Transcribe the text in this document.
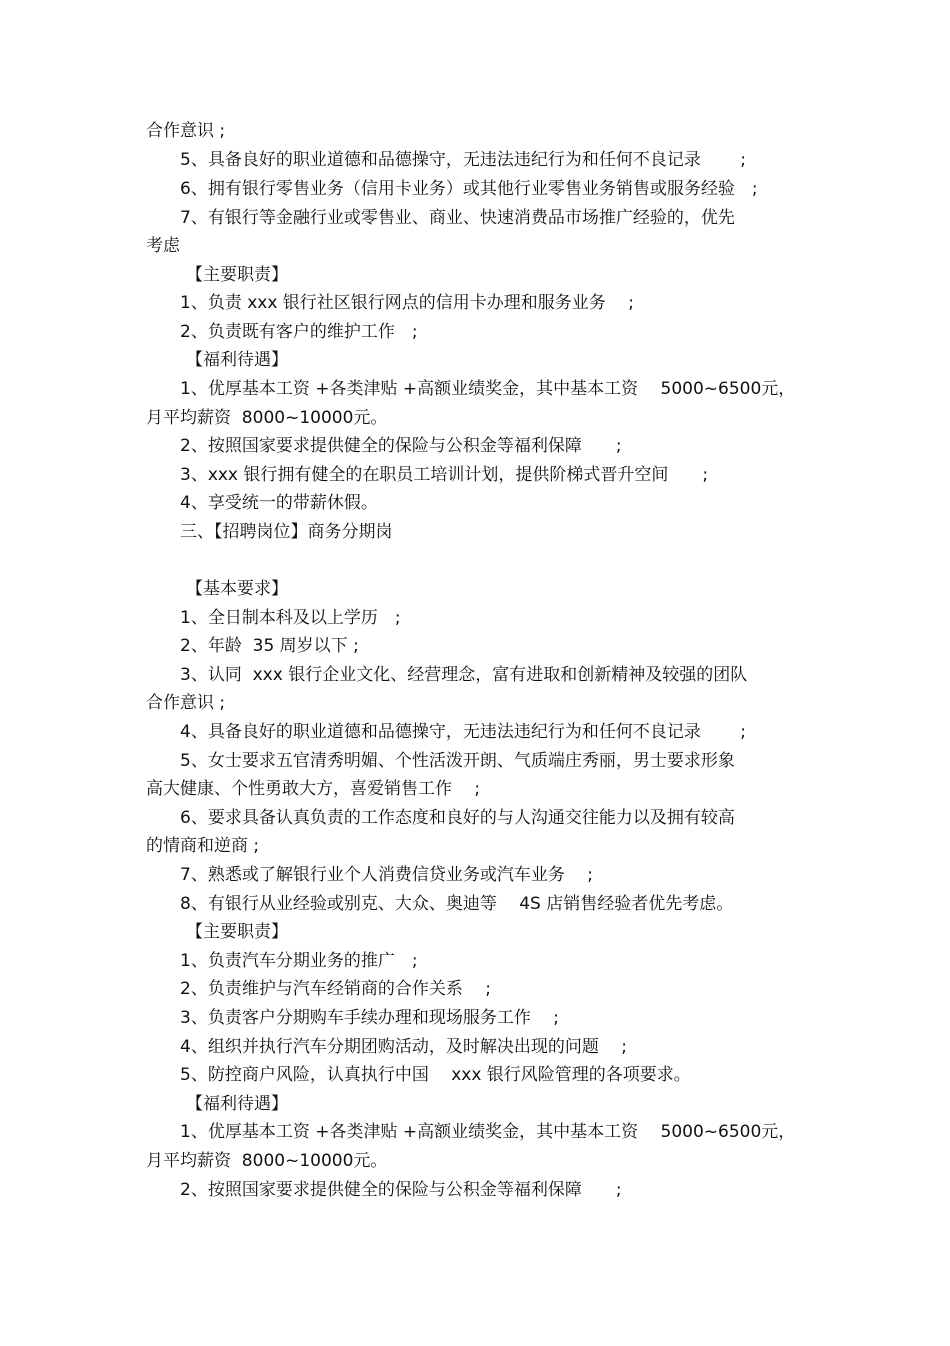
合作意识 ;
5、具备良好的职业道德和品德操守，无违法违纪行为和任何不良记录　　 ;
6、拥有银行零售业务（信用卡业务）或其他行业零售业务销售或服务经验　;
7、有银行等金融行业或零售业、商业、快速消费品市场推广经验的，优先
考虑
【主要职责】
1、负责 xxx 银行社区银行网点的信用卡办理和服务业务　 ;
2、负责既有客户的维护工作　;
【福利待遇】
1、优厚基本工资 +各类津贴 +高额业绩奖金，其中基本工资　 5000~6500元，
月平均薪资  8000~10000元。
2、按照国家要求提供健全的保险与公积金等福利保障　　;
3、xxx 银行拥有健全的在职员工培训计划，提供阶梯式晋升空间　　;
4、享受统一的带薪休假。
三、【招聘岗位】商务分期岗
【基本要求】
1、全日制本科及以上学历　;
2、年龄  35 周岁以下 ;
3、认同  xxx 银行企业文化、经营理念，富有进取和创新精神及较强的团队
合作意识 ;
4、具备良好的职业道德和品德操守，无违法违纪行为和任何不良记录　　 ;
5、女士要求五官清秀明媚、个性活泼开朗、气质端庄秀丽，男士要求形象
高大健康、个性勇敢大方，喜爱销售工作　 ;
6、要求具备认真负责的工作态度和良好的与人沟通交往能力以及拥有较高
的情商和逆商 ;
7、熟悉或了解银行业个人消费信贷业务或汽车业务　 ;
8、有银行从业经验或别克、大众、奥迪等　 4S 店销售经验者优先考虑。
【主要职责】
1、负责汽车分期业务的推广　;
2、负责维护与汽车经销商的合作关系　 ;
3、负责客户分期购车手续办理和现场服务工作　 ;
4、组织并执行汽车分期团购活动，及时解决出现的问题　 ;
5、防控商户风险，认真执行中国　 xxx 银行风险管理的各项要求。
【福利待遇】
1、优厚基本工资 +各类津贴 +高额业绩奖金，其中基本工资　 5000~6500元，
月平均薪资  8000~10000元。
2、按照国家要求提供健全的保险与公积金等福利保障　　;
